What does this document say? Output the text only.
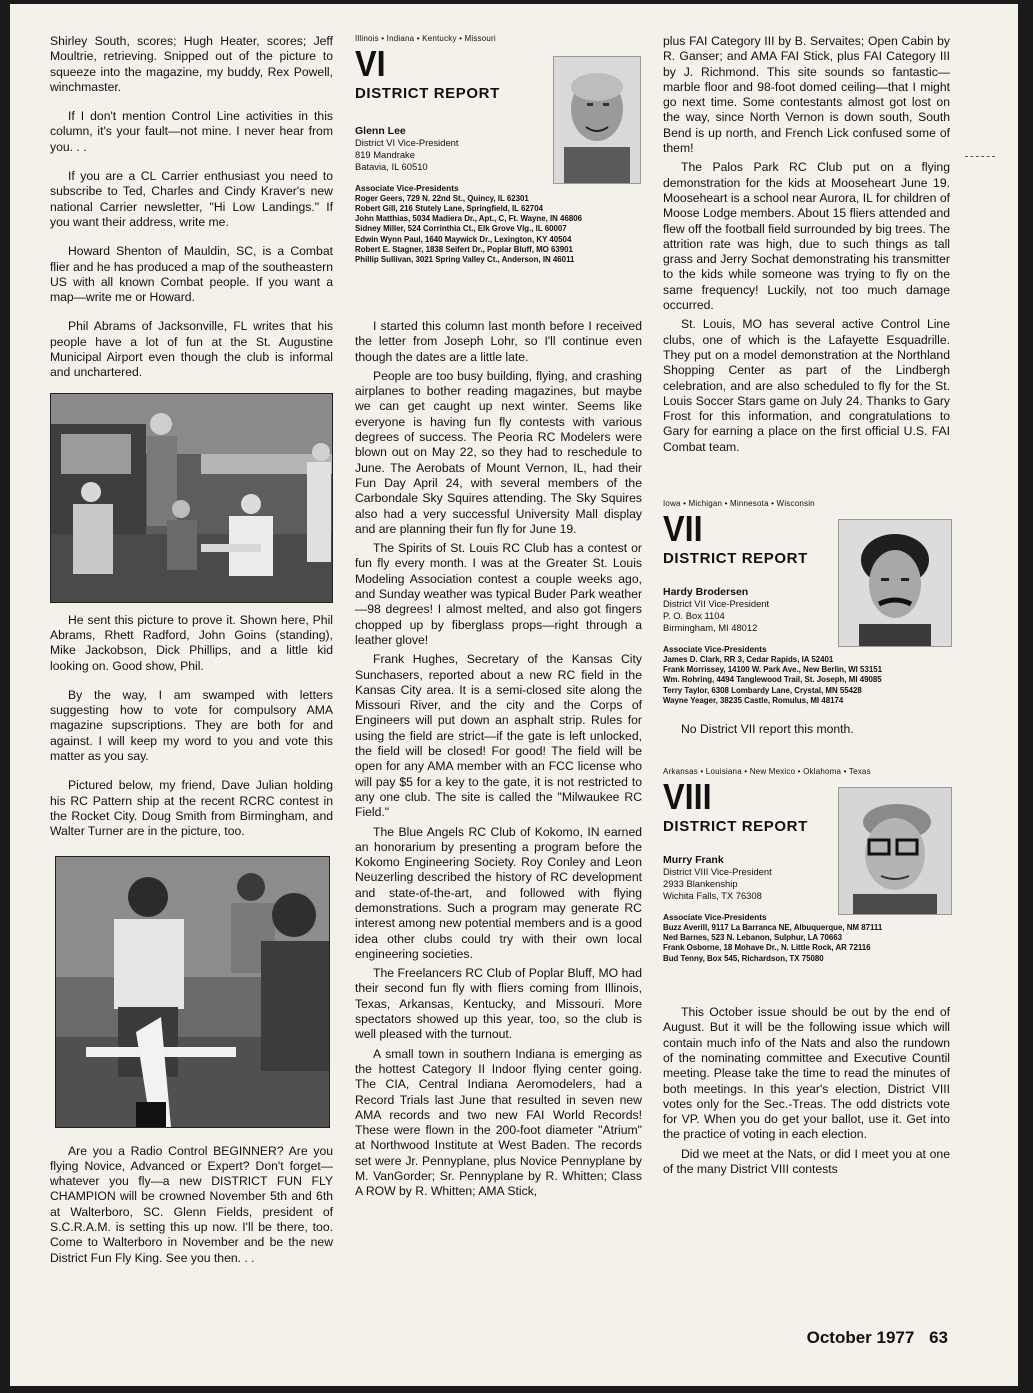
Shirley South, scores; Hugh Heater, scores; Jeff Moultrie, retrieving. Snipped out of the picture to squeeze into the magazine, my buddy, Rex Powell, winchmaster.

If I don't mention Control Line activities in this column, it's your fault—not mine. I never hear from you. . .

If you are a CL Carrier enthusiast you need to subscribe to Ted, Charles and Cindy Kraver's new national Carrier newsletter, "Hi Low Landings." If you want their address, write me.

Howard Shenton of Mauldin, SC, is a Combat flier and he has produced a map of the southeastern US with all known Combat people. If you want a map—write me or Howard.

Phil Abrams of Jacksonville, FL writes that his people have a lot of fun at the St. Augustine Municipal Airport even though the club is informal and unchartered.

He sent this picture to prove it. Shown here, Phil Abrams, Rhett Radford, John Goins (standing), Mike Jackobson, Dick Phillips, and a little kid looking on. Good show, Phil.

By the way, I am swamped with letters suggesting how to vote for compulsory AMA magazine supscriptions. They are both for and against. I will keep my word to you and vote this matter as you say.

Pictured below, my friend, Dave Julian holding his RC Pattern ship at the recent RCRC contest in the Rocket City. Doug Smith from Birmingham, and Walter Turner are in the picture, too.

Are you a Radio Control BEGINNER? Are you flying Novice, Advanced or Expert? Don't forget—whatever you fly—a new DISTRICT FUN FLY CHAMPION will be crowned November 5th and 6th at Walterboro, SC. Glenn Fields, president of S.C.R.A.M. is setting this up now. I'll be there, too. Come to Walterboro in November and be the new District Fun Fly King. See you then. . .

Illinois • Indiana • Kentucky • Missouri
VI
DISTRICT REPORT
Glenn Lee
District VI Vice-President
819 Mandrake
Batavia, IL 60510
Associate Vice-Presidents
Roger Geers, 729 N. 22nd St., Quincy, IL 62301
Robert Gill, 216 Stutely Lane, Springfield, IL 62704
John Matthias, 5034 Madiera Dr., Apt., C, Ft. Wayne, IN 46806
Sidney Miller, 524 Corrinthia Ct., Elk Grove Vlg., IL 60007
Edwin Wynn Paul, 1640 Maywick Dr., Lexington, KY 40504
Robert E. Stagner, 1838 Seifert Dr., Poplar Bluff, MO 63901
Phillip Sullivan, 3021 Spring Valley Ct., Anderson, IN 46011

I started this column last month before I received the letter from Joseph Lohr, so I'll continue even though the dates are a little late.

People are too busy building, flying, and crashing airplanes to bother reading magazines, but maybe we can get caught up next winter. Seems like everyone is having fun fly contests with various degrees of success. The Peoria RC Modelers were blown out on May 22, so they had to reschedule to June. The Aerobats of Mount Vernon, IL, had their Fun Day April 24, with several members of the Carbondale Sky Squires attending. The Sky Squires also had a very successful University Mall display and are planning their fun fly for June 19.

The Spirits of St. Louis RC Club has a contest or fun fly every month. I was at the Greater St. Louis Modeling Association contest a couple weeks ago, and Sunday weather was typical Buder Park weather—98 degrees! I almost melted, and also got fingers chopped up by fiberglass props—right through a leather glove!

Frank Hughes, Secretary of the Kansas City Sunchasers, reported about a new RC field in the Kansas City area. It is a semi-closed site along the Missouri River, and the city and the Corps of Engineers will put down an asphalt strip. Rules for using the field are strict—if the gate is left unlocked, the field will be closed! For good! The field will be open for any AMA member with an FCC license who will pay $5 for a key to the gate, it is not restricted to any one club. The site is called the "Milwaukee RC Field."

The Blue Angels RC Club of Kokomo, IN earned an honorarium by presenting a program before the Kokomo Engineering Society. Roy Conley and Leon Neuzerling described the history of RC development and state-of-the-art, and followed with flying demonstrations. Such a program may generate RC interest among new potential members and is a good idea other clubs could try with their own local engineering societies.

The Freelancers RC Club of Poplar Bluff, MO had their second fun fly with fliers coming from Illinois, Texas, Arkansas, Kentucky, and Missouri. More spectators showed up this year, too, so the club is well pleased with the turnout.

A small town in southern Indiana is emerging as the hottest Category II Indoor flying center going. The CIA, Central Indiana Aeromodelers, had a Record Trials last June that resulted in seven new AMA records and two new FAI World Records! These were flown in the 200-foot diameter "Atrium" at Northwood Institute at West Baden. The records set were Jr. Pennyplane, plus Novice Pennyplane by M. VanGorder; Sr. Pennyplane by R. Whitten; Class A ROW by R. Whitten; AMA Stick,

plus FAI Category III by B. Servaites; Open Cabin by R. Ganser; and AMA FAI Stick, plus FAI Category III by J. Richmond. This site sounds so fantastic—marble floor and 98-foot domed ceiling—that I might go next time. Some contestants almost got lost on the way, since North Vernon is down south, South Bend is up north, and French Lick confused some of them!

The Palos Park RC Club put on a flying demonstration for the kids at Mooseheart June 19. Mooseheart is a school near Aurora, IL for children of Moose Lodge members. About 15 fliers attended and flew off the football field surrounded by big trees. The attrition rate was high, due to such things as tall grass and Jerry Sochat demonstrating his transmitter to the kids while someone was trying to fly on the same frequency! Luckily, not too much damage occurred.

St. Louis, MO has several active Control Line clubs, one of which is the Lafayette Esquadrille. They put on a model demonstration at the Northland Shopping Center as part of the Lindbergh celebration, and are also scheduled to fly for the St. Louis Soccer Stars game on July 24. Thanks to Gary Frost for this information, and congratulations to Gary for earning a place on the first official U.S. FAI Combat team.

Iowa • Michigan • Minnesota • Wisconsin
VII
DISTRICT REPORT
Hardy Brodersen
District VII Vice-President
P. O. Box 1104
Birmingham, MI 48012
Associate Vice-Presidents
James D. Clark, RR 3, Cedar Rapids, IA 52401
Frank Morrissey, 14100 W. Park Ave., New Berlin, WI 53151
Wm. Rohring, 4494 Tanglewood Trail, St. Joseph, MI 49085
Terry Taylor, 6308 Lombardy Lane, Crystal, MN 55428
Wayne Yeager, 38235 Castle, Romulus, MI 48174
No District VII report this month.
Arkansas • Louisiana • New Mexico • Oklahoma • Texas
VIII
DISTRICT REPORT
Murry Frank
District VIII Vice-President
2933 Blankenship
Wichita Falls, TX 76308
Associate Vice-Presidents
Buzz Averill, 9117 La Barranca NE, Albuquerque, NM 87111
Ned Barnes, 523 N. Lebanon, Sulphur, LA 70663
Frank Osborne, 18 Mohave Dr., N. Little Rock, AR 72116
Bud Tenny, Box 545, Richardson, TX 75080

This October issue should be out by the end of August. But it will be the following issue which will contain much info of the Nats and also the rundown of the nominating committee and Executive Countil meeting. Please take the time to read the minutes of both meetings. In this year's election, District VIII votes only for the Sec.-Treas. The odd districts vote for VP. When you do get your ballot, use it. Get into the practice of voting in each election.

Did we meet at the Nats, or did I meet you at one of the many District VIII contests

October 1977 63
